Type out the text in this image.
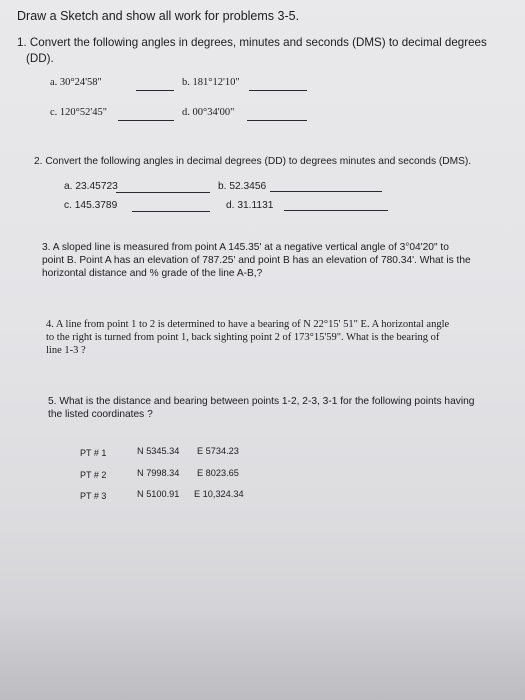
Draw a Sketch and show all work for problems 3-5.
1. Convert the following angles in degrees, minutes and seconds (DMS) to decimal degrees
(DD).
a. 30°24'58"	b. 181°12'10"
c. 120°52'45"	d. 00°34'00"
2. Convert the following angles in decimal degrees (DD) to degrees minutes and seconds (DMS).
a. 23.45723	b. 52.3456
c. 145.3789	d. 31.1131
3. A sloped line is measured from point A 145.35' at a negative vertical angle of 3°04'20" to
point B. Point A has an elevation of 787.25' and point B has an elevation of 780.34'. What is the
horizontal distance and % grade of the line A-B,?
4. A line from point 1 to 2 is determined to have a bearing of N 22°15' 51" E. A horizontal angle
to the right is turned from point 1, back sighting point 2 of 173°15'59". What is the bearing of
line 1-3 ?
5. What is the distance and bearing between points 1-2, 2-3, 3-1 for the following points having
the listed coordinates ?
PT # 1	N 5345.34 E 5734.23
PT # 2	N 7998.34 E 8023.65
PT # 3	N 5100.91 E 10,324.34
